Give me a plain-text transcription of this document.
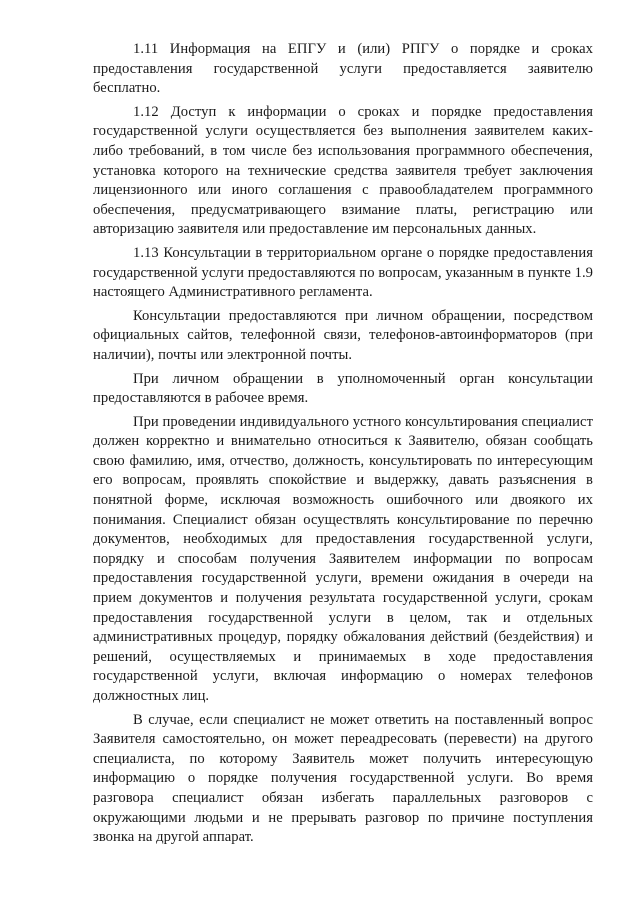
1.11 Информация на ЕПГУ и (или) РПГУ о порядке и сроках предоставления государственной услуги предоставляется заявителю бесплатно.

1.12 Доступ к информации о сроках и порядке предоставления государственной услуги осуществляется без выполнения заявителем каких-либо требований, в том числе без использования программного обеспечения, установка которого на технические средства заявителя требует заключения лицензионного или иного соглашения с правообладателем программного обеспечения, предусматривающего взимание платы, регистрацию или авторизацию заявителя или предоставление им персональных данных.

1.13 Консультации в территориальном органе о порядке предоставления государственной услуги предоставляются по вопросам, указанным в пункте 1.9 настоящего Административного регламента.

Консультации предоставляются при личном обращении, посредством официальных сайтов, телефонной связи, телефонов-автоинформаторов (при наличии), почты или электронной почты.

При личном обращении в уполномоченный орган консультации предоставляются в рабочее время.

При проведении индивидуального устного консультирования специалист должен корректно и внимательно относиться к Заявителю, обязан сообщать свою фамилию, имя, отчество, должность, консультировать по интересующим его вопросам, проявлять спокойствие и выдержку, давать разъяснения в понятной форме, исключая возможность ошибочного или двоякого их понимания. Специалист обязан осуществлять консультирование по перечню документов, необходимых для предоставления государственной услуги, порядку и способам получения Заявителем информации по вопросам предоставления государственной услуги, времени ожидания в очереди на прием документов и получения результата государственной услуги, срокам предоставления государственной услуги в целом, так и отдельных административных процедур, порядку обжалования действий (бездействия) и решений, осуществляемых и принимаемых в ходе предоставления государственной услуги, включая информацию о номерах телефонов должностных лиц.

В случае, если специалист не может ответить на поставленный вопрос Заявителя самостоятельно, он может переадресовать (перевести) на другого специалиста, по которому Заявитель может получить интересующую информацию о порядке получения государственной услуги. Во время разговора специалист обязан избегать параллельных разговоров с окружающими людьми и не прерывать разговор по причине поступления звонка на другой аппарат.
